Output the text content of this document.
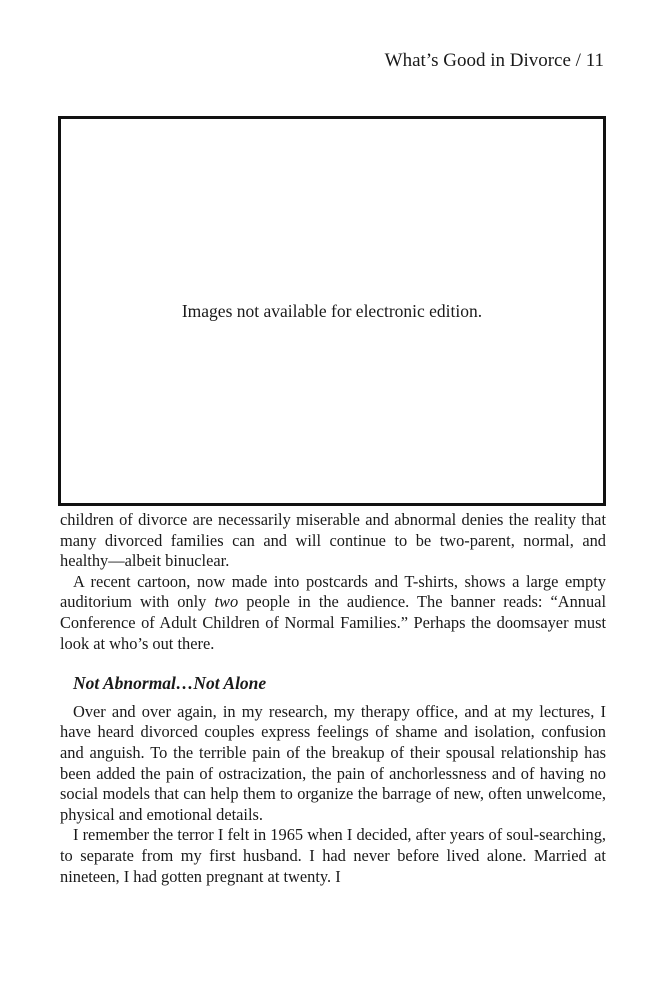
What’s Good in Divorce / 11
Images not available for electronic edition.

children of divorce are necessarily miserable and abnormal denies the reality that many divorced families can and will continue to be two-parent, normal, and healthy—albeit binuclear.

A recent cartoon, now made into postcards and T-shirts, shows a large empty auditorium with only two people in the audience. The banner reads: “Annual Conference of Adult Children of Normal Families.” Perhaps the doomsayer must look at who’s out there.

Not Abnormal…Not Alone

Over and over again, in my research, my therapy office, and at my lectures, I have heard divorced couples express feelings of shame and isolation, confusion and anguish. To the terrible pain of the breakup of their spousal relationship has been added the pain of ostracization, the pain of anchorlessness and of having no social models that can help them to organize the barrage of new, often unwelcome, physical and emotional details.

I remember the terror I felt in 1965 when I decided, after years of soul-searching, to separate from my first husband. I had never before lived alone. Married at nineteen, I had gotten pregnant at twenty. I
